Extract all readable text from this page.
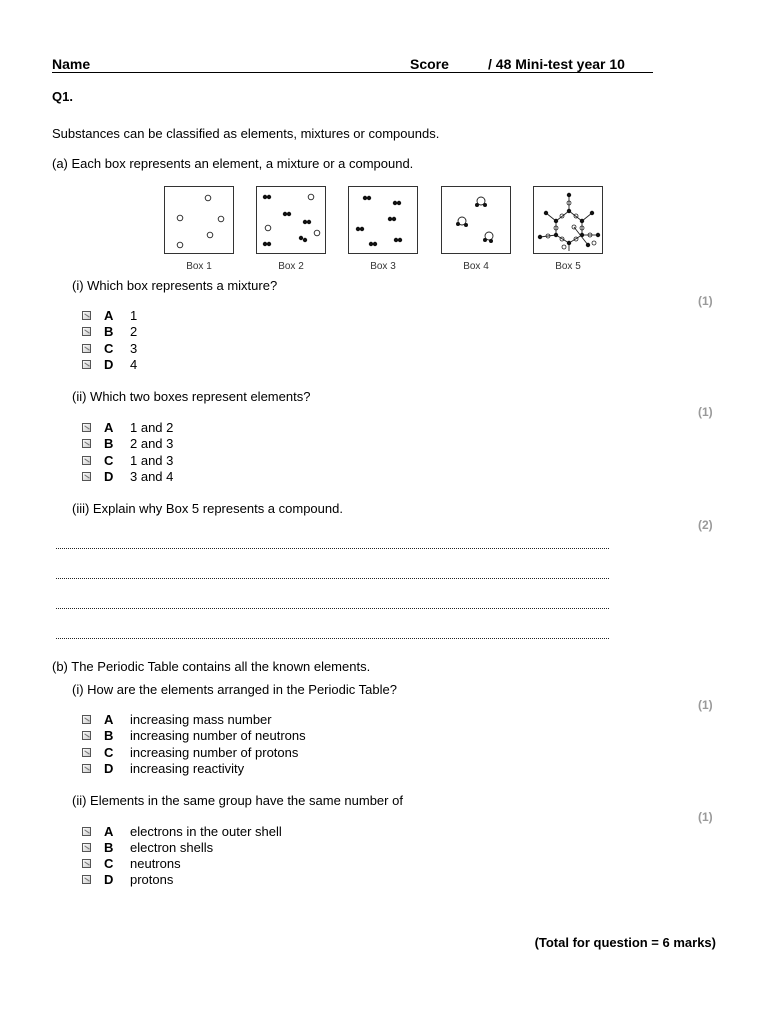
Name	Score	/ 48 Mini-test year 10
Q1.
Substances can be classified as elements, mixtures or compounds.
(a) Each box represents an element, a mixture or a compound.
Box 1	Box 2	Box 3	Box 4	Box 5
(i) Which box represents a mixture?
(1)
A 1
B 2
C 3
D 4
(ii) Which two boxes represent elements?
(1)
A 1 and 2
B 2 and 3
C 1 and 3
D 3 and 4
(iii) Explain why Box 5 represents a compound.
(2)
(b) The Periodic Table contains all the known elements.
(i) How are the elements arranged in the Periodic Table?
(1)
A increasing mass number
B increasing number of neutrons
C increasing number of protons
D increasing reactivity
(ii) Elements in the same group have the same number of
(1)
A electrons in the outer shell
B electron shells
C neutrons
D protons
(Total for question = 6 marks)
